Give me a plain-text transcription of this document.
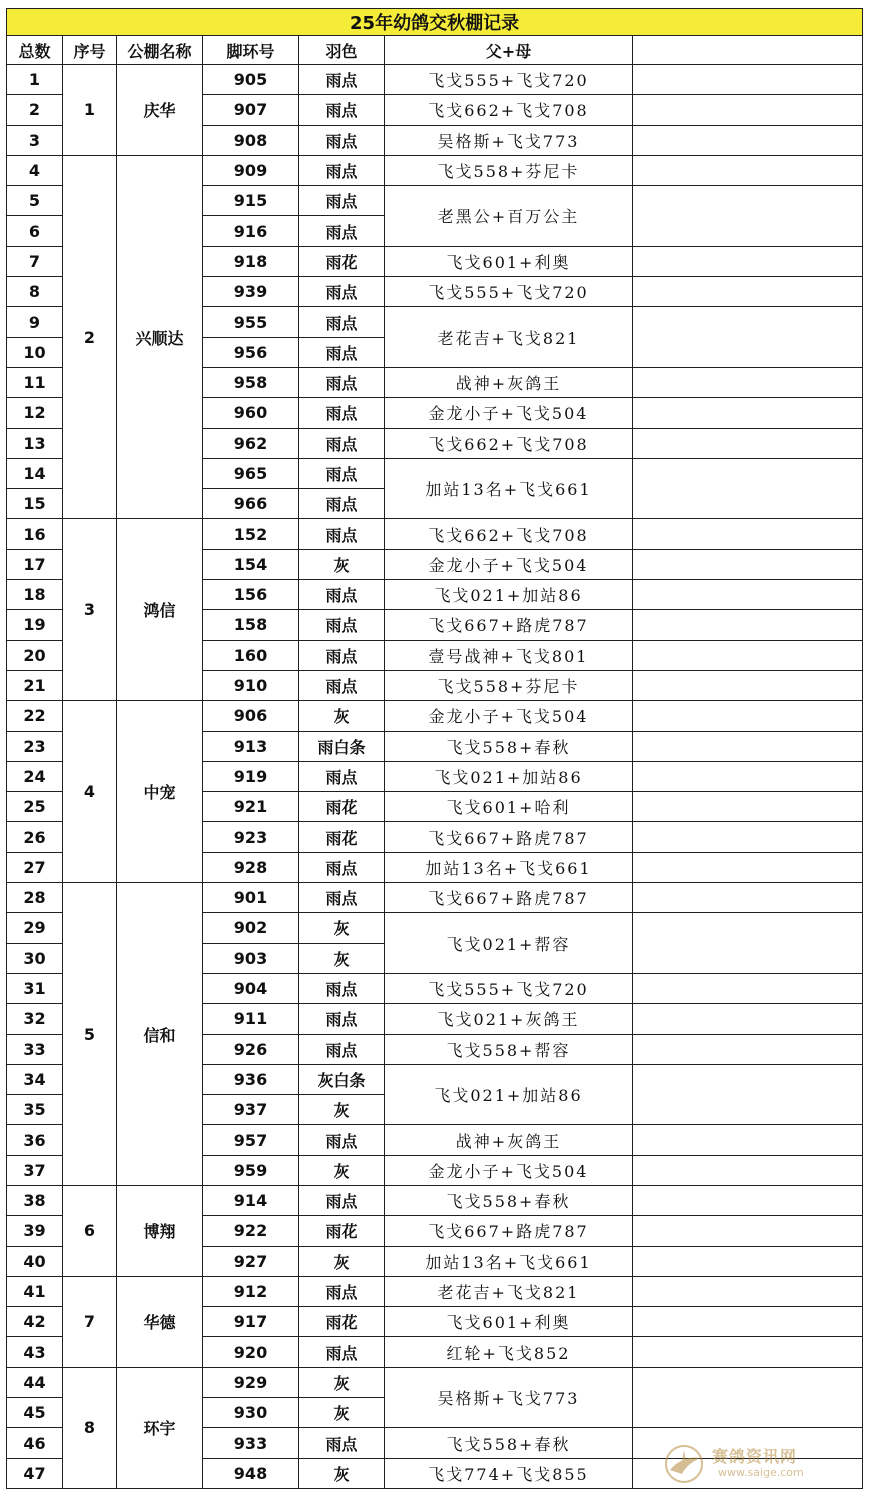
25年幼鸽交秋棚记录						
总数	序号	公棚名称	脚环号	羽色	父+母	
1	1	庆华	905	雨点	飞戈555+飞戈720	
2			907	雨点	飞戈662+飞戈708	
3			908	雨点	吴格斯+飞戈773	
4	2	兴顺达	909	雨点	飞戈558+芬尼卡	
5			915	雨点	老黑公+百万公主	
6			916	雨点		
7			918	雨花	飞戈601+利奥	
8			939	雨点	飞戈555+飞戈720	
9			955	雨点	老花吉+飞戈821	
10			956	雨点		
11			958	雨点	战神+灰鸽王	
12			960	雨点	金龙小子+飞戈504	
13			962	雨点	飞戈662+飞戈708	
14			965	雨点	加站13名+飞戈661	
15			966	雨点		
16	3	鸿信	152	雨点	飞戈662+飞戈708	
17			154	灰	金龙小子+飞戈504	
18			156	雨点	飞戈021+加站86	
19			158	雨点	飞戈667+路虎787	
20			160	雨点	壹号战神+飞戈801	
21			910	雨点	飞戈558+芬尼卡	
22	4	中宠	906	灰	金龙小子+飞戈504	
23			913	雨白条	飞戈558+春秋	
24			919	雨点	飞戈021+加站86	
25			921	雨花	飞戈601+哈利	
26			923	雨花	飞戈667+路虎787	
27			928	雨点	加站13名+飞戈661	
28	5	信和	901	雨点	飞戈667+路虎787	
29			902	灰	飞戈021+帮容	
30			903	灰		
31			904	雨点	飞戈555+飞戈720	
32			911	雨点	飞戈021+灰鸽王	
33			926	雨点	飞戈558+帮容	
34			936	灰白条	飞戈021+加站86	
35			937	灰		
36			957	雨点	战神+灰鸽王	
37			959	灰	金龙小子+飞戈504	
38	6	博翔	914	雨点	飞戈558+春秋	
39			922	雨花	飞戈667+路虎787	
40			927	灰	加站13名+飞戈661	
41	7	华德	912	雨点	老花吉+飞戈821	
42			917	雨花	飞戈601+利奥	
43			920	雨点	红轮+飞戈852	
44	8	环宇	929	灰	吴格斯+飞戈773	
45			930	灰		
46			933	雨点	飞戈558+春秋	
47			948	灰	飞戈774+飞戈855	
赛鸽资讯网
www.saige.com
